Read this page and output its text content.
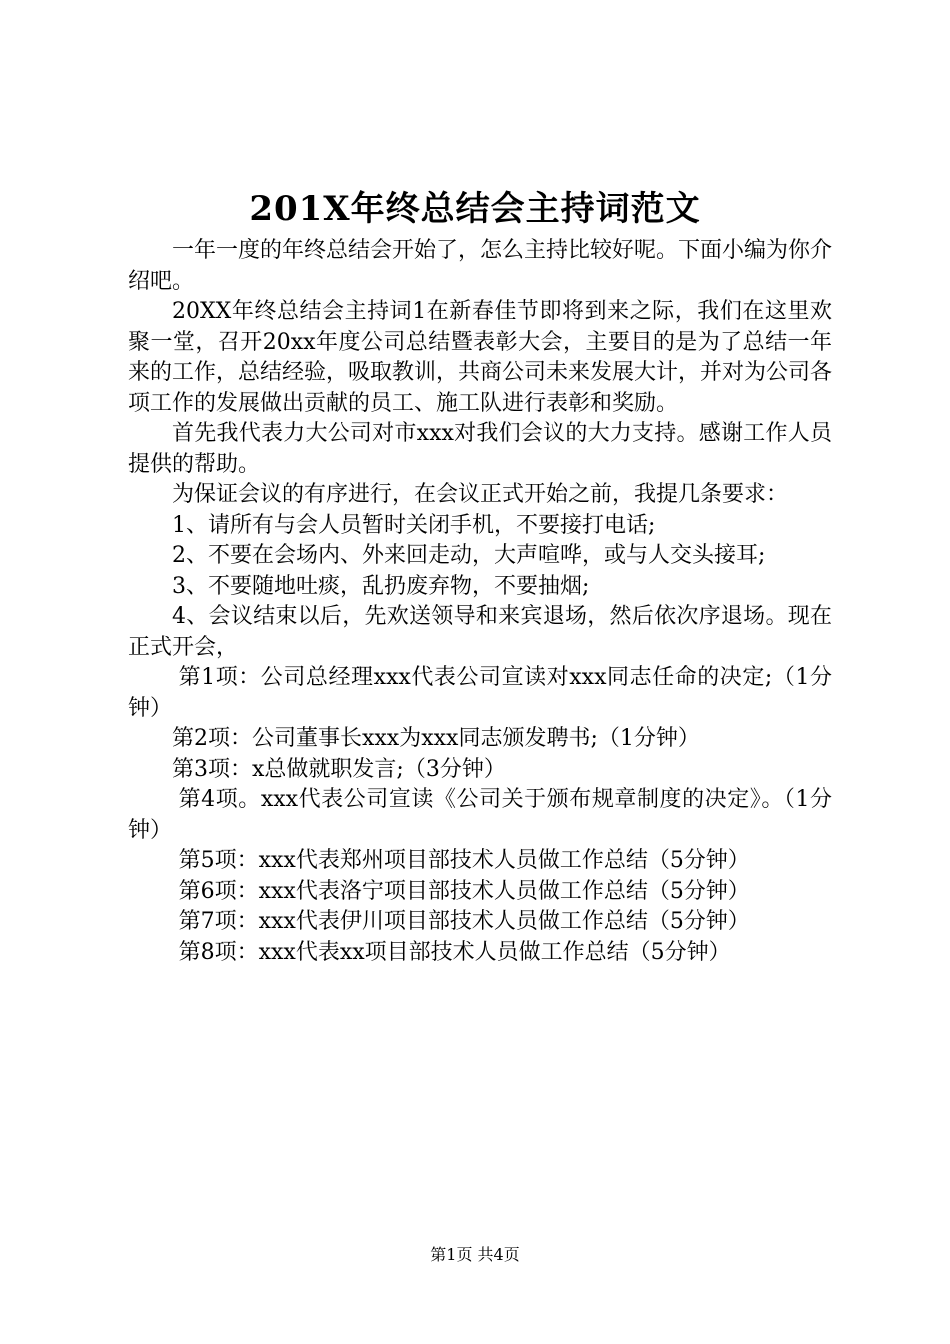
201X年终总结会主持词范文

一年一度的年终总结会开始了，怎么主持比较好呢。下面小编为你介绍吧。

20XX年终总结会主持词1在新春佳节即将到来之际，我们在这里欢聚一堂，召开20xx年度公司总结暨表彰大会，主要目的是为了总结一年来的工作，总结经验，吸取教训，共商公司未来发展大计，并对为公司各项工作的发展做出贡献的员工、施工队进行表彰和奖励。

首先我代表力大公司对市xxx对我们会议的大力支持。感谢工作人员提供的帮助。

为保证会议的有序进行，在会议正式开始之前，我提几条要求：

1、请所有与会人员暂时关闭手机，不要接打电话;

2、不要在会场内、外来回走动，大声喧哗，或与人交头接耳;

3、不要随地吐痰，乱扔废弃物，不要抽烟;

4、会议结束以后，先欢送领导和来宾退场，然后依次序退场。现在正式开会，

第1项：公司总经理xxx代表公司宣读对xxx同志任命的决定;（1分钟）

第2项：公司董事长xxx为xxx同志颁发聘书;（1分钟）

第3项：x总做就职发言;（3分钟）

第4项。xxx代表公司宣读《公司关于颁布规章制度的决定》。（1分钟）

第5项：xxx代表郑州项目部技术人员做工作总结（5分钟）

第6项：xxx代表洛宁项目部技术人员做工作总结（5分钟）

第7项：xxx代表伊川项目部技术人员做工作总结（5分钟）

第8项：xxx代表xx项目部技术人员做工作总结（5分钟）

第1页 共4页
